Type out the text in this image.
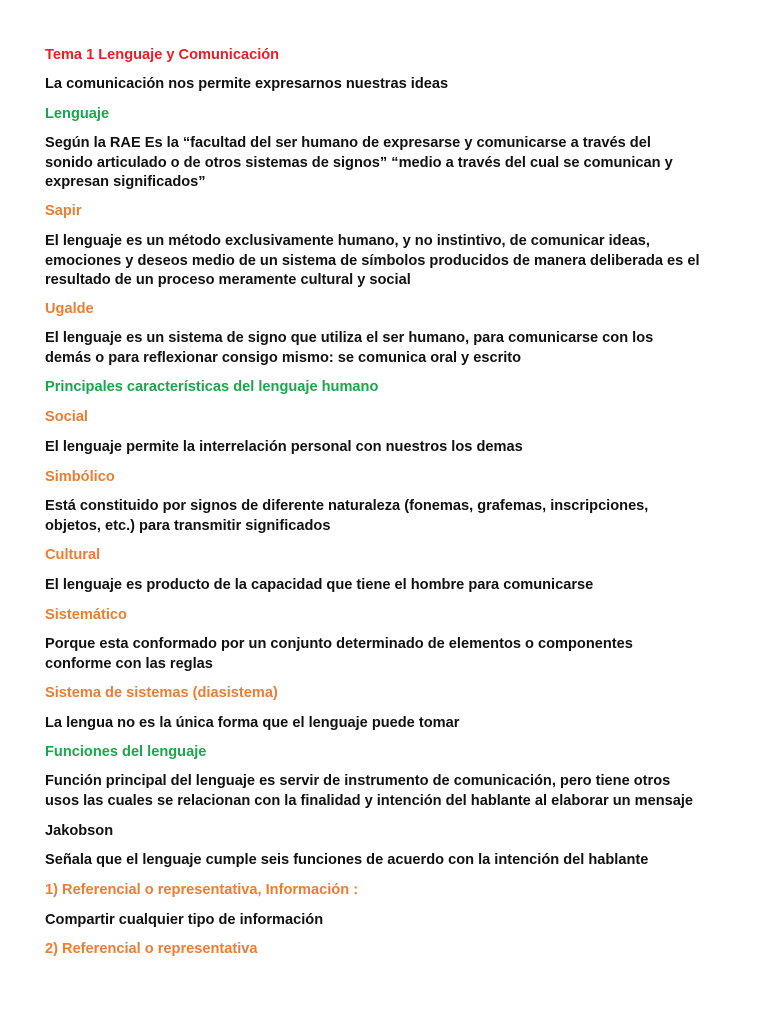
Tema 1 Lenguaje y Comunicación

La comunicación nos permite expresarnos nuestras ideas

Lenguaje

Según la RAE Es la “facultad del ser humano de expresarse y comunicarse a través del
sonido articulado o de otros sistemas de signos” “medio a través del cual se comunican y
expresan significados”

Sapir

El lenguaje es un método exclusivamente humano, y no instintivo, de comunicar ideas,
emociones y deseos medio de un sistema de símbolos producidos de manera deliberada es el
resultado de un proceso meramente cultural y social

Ugalde

El lenguaje es un sistema de signo que utiliza el ser humano, para comunicarse con los
demás o para reflexionar consigo mismo: se comunica oral y escrito

Principales características del lenguaje humano

Social

El lenguaje permite la interrelación personal con nuestros los demas

Simbólico

Está constituido por signos de diferente naturaleza (fonemas, grafemas, inscripciones,
objetos, etc.) para transmitir significados

Cultural

El lenguaje es producto de la capacidad que tiene el hombre para comunicarse

Sistemático

Porque esta conformado por un conjunto determinado de elementos o componentes
conforme con las reglas

Sistema de sistemas (diasistema)

La lengua no es la única forma que el lenguaje puede tomar

Funciones del lenguaje

Función principal del lenguaje es servir de instrumento de comunicación, pero tiene otros
usos las cuales se relacionan con la finalidad y intención del hablante al elaborar un mensaje

Jakobson

Señala que el lenguaje cumple seis funciones de acuerdo con la intención del hablante

1) Referencial o representativa, Información :

Compartir cualquier tipo de información

2) Referencial o representativa
